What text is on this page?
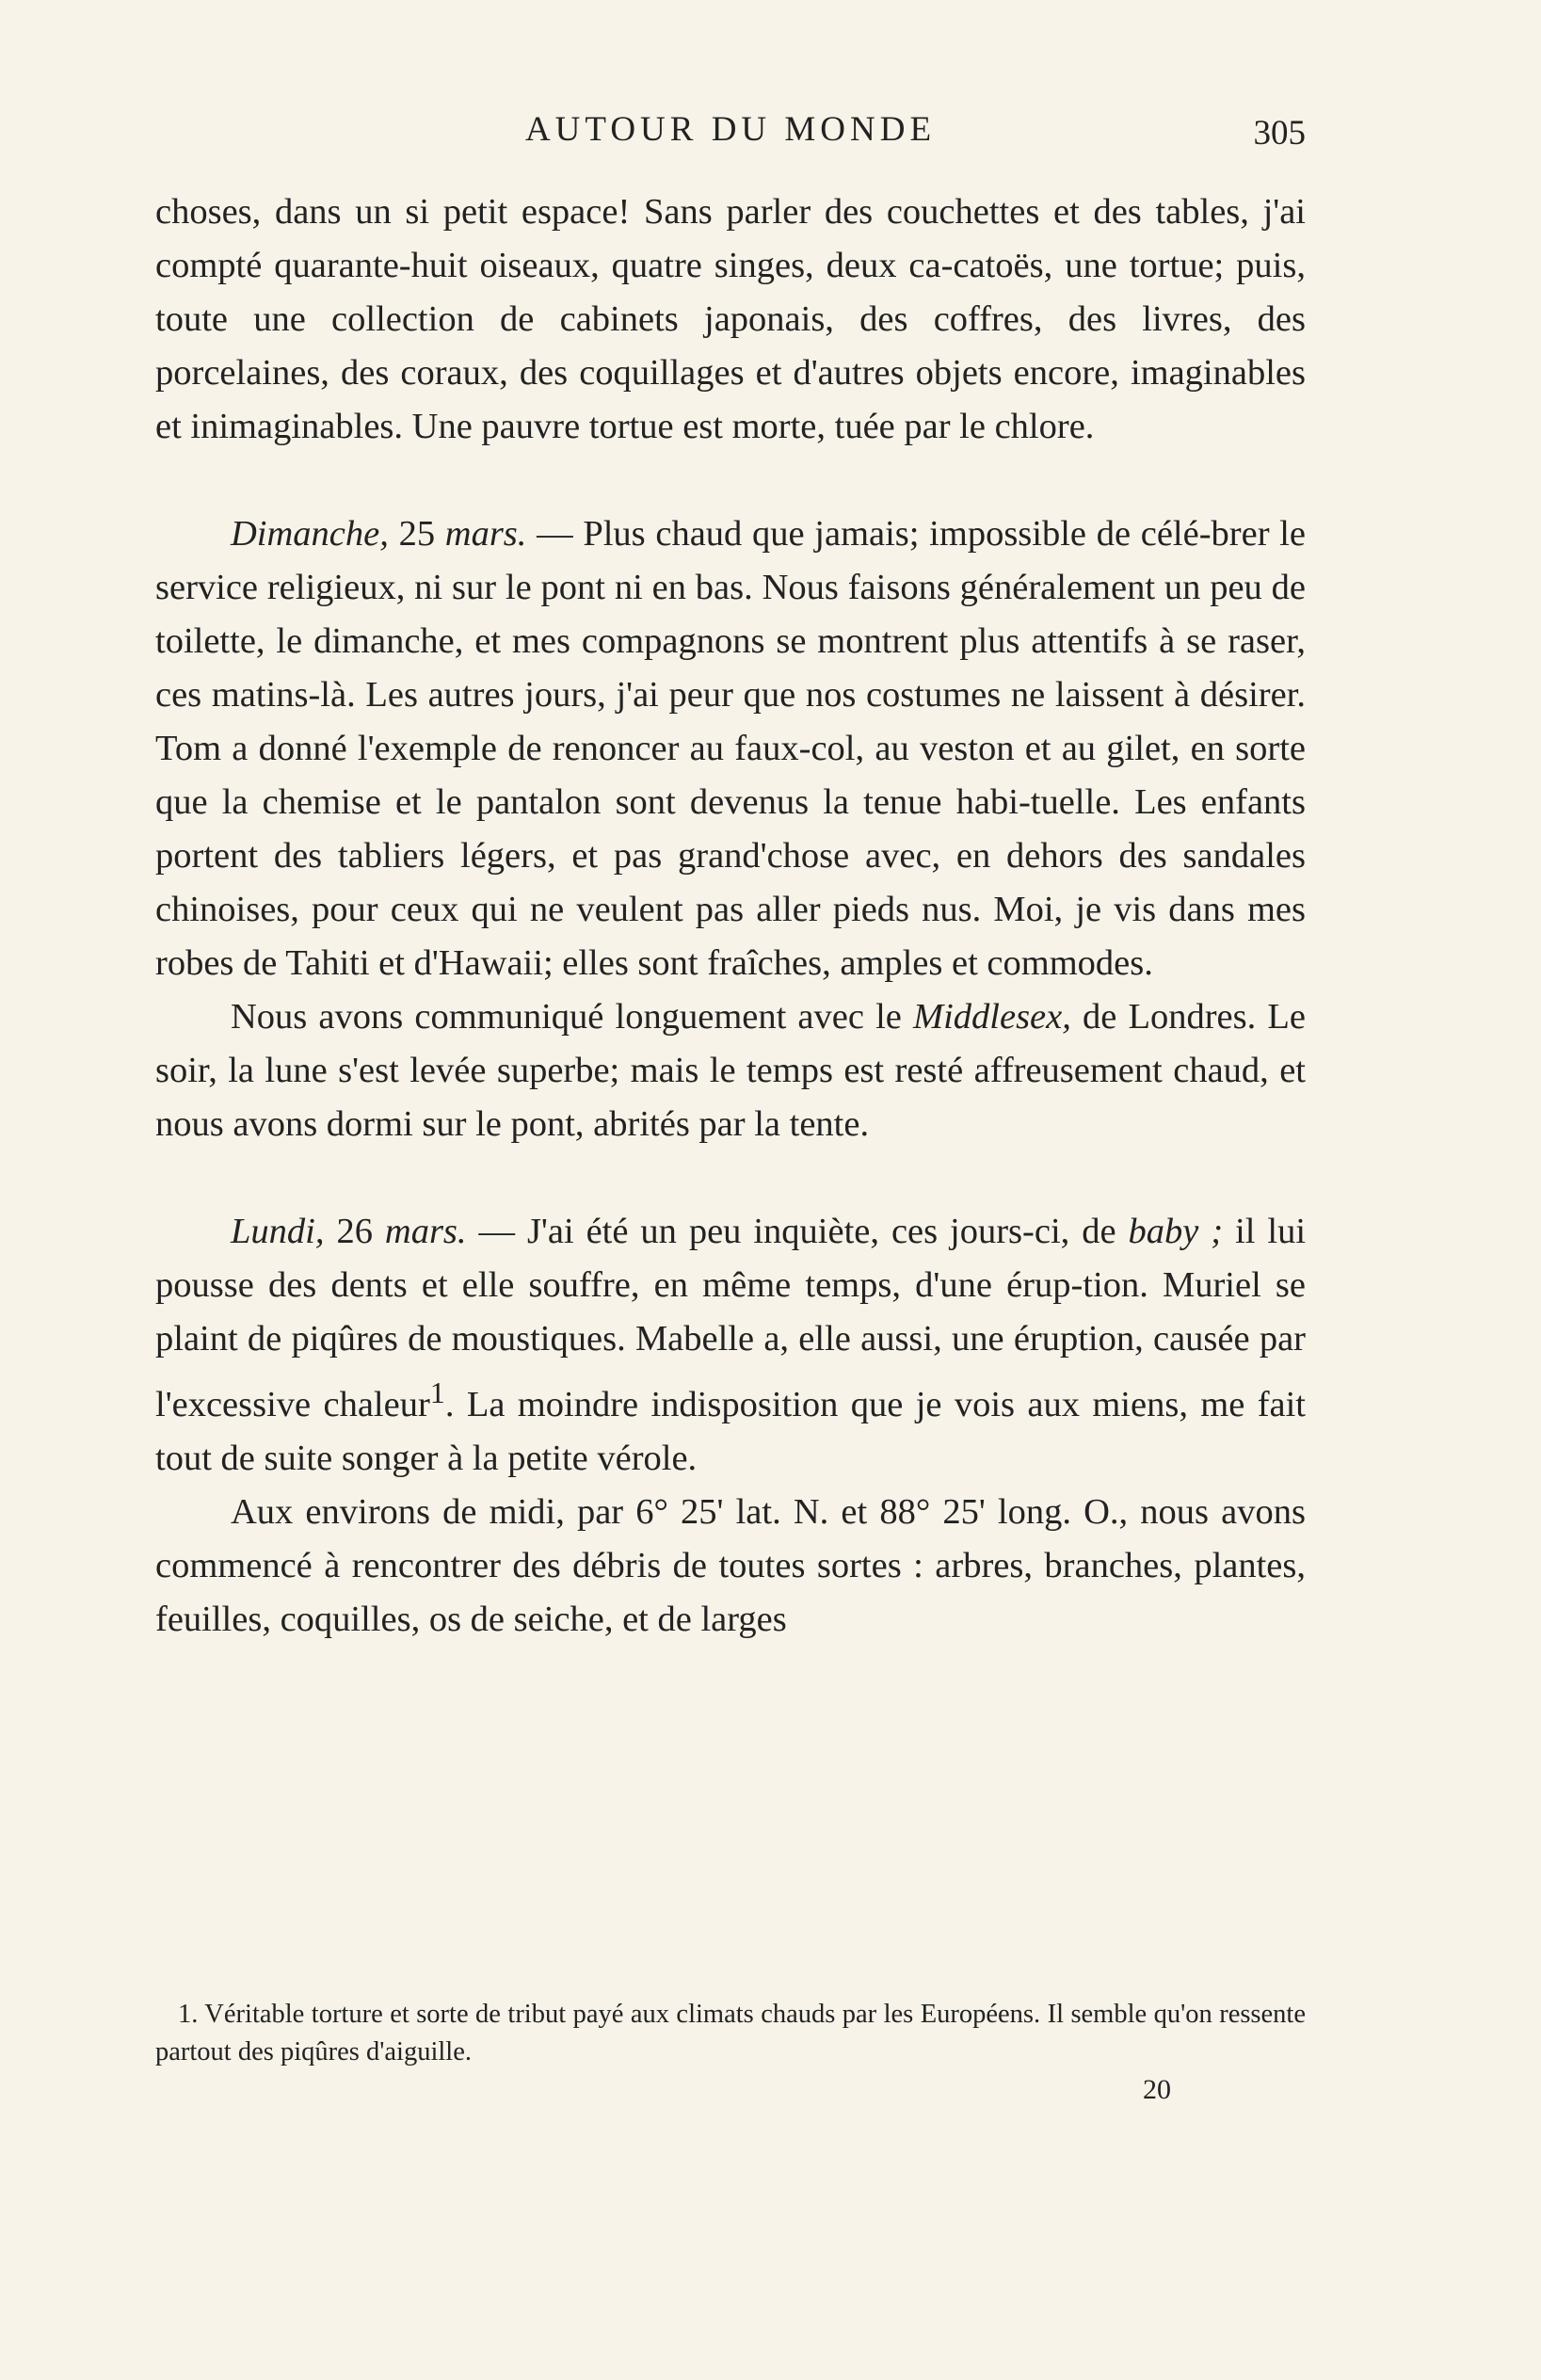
AUTOUR DU MONDE	305

choses, dans un si petit espace! Sans parler des couchettes et des tables, j'ai compté quarante-huit oiseaux, quatre singes, deux ca-catoës, une tortue; puis, toute une collection de cabinets japonais, des coffres, des livres, des porcelaines, des coraux, des coquillages et d'autres objets encore, imaginables et inimaginables. Une pauvre tortue est morte, tuée par le chlore.

Dimanche, 25 mars. — Plus chaud que jamais; impossible de célé-brer le service religieux, ni sur le pont ni en bas. Nous faisons généralement un peu de toilette, le dimanche, et mes compagnons se montrent plus attentifs à se raser, ces matins-là. Les autres jours, j'ai peur que nos costumes ne laissent à désirer. Tom a donné l'exemple de renoncer au faux-col, au veston et au gilet, en sorte que la chemise et le pantalon sont devenus la tenue habi-tuelle. Les enfants portent des tabliers légers, et pas grand'chose avec, en dehors des sandales chinoises, pour ceux qui ne veulent pas aller pieds nus. Moi, je vis dans mes robes de Tahiti et d'Hawaii; elles sont fraîches, amples et commodes.

Nous avons communiqué longuement avec le Middlesex, de Londres. Le soir, la lune s'est levée superbe; mais le temps est resté affreusement chaud, et nous avons dormi sur le pont, abrités par la tente.

Lundi, 26 mars. — J'ai été un peu inquiète, ces jours-ci, de baby ; il lui pousse des dents et elle souffre, en même temps, d'une érup-tion. Muriel se plaint de piqûres de moustiques. Mabelle a, elle aussi, une éruption, causée par l'excessive chaleur$^1$. La moindre indisposition que je vois aux miens, me fait tout de suite songer à la petite vérole.

Aux environs de midi, par 6° 25' lat. N. et 88° 25' long. O., nous avons commencé à rencontrer des débris de toutes sortes : arbres, branches, plantes, feuilles, coquilles, os de seiche, et de larges

1. Véritable torture et sorte de tribut payé aux climats chauds par les Européens. Il semble qu'on ressente partout des piqûres d'aiguille.

20
